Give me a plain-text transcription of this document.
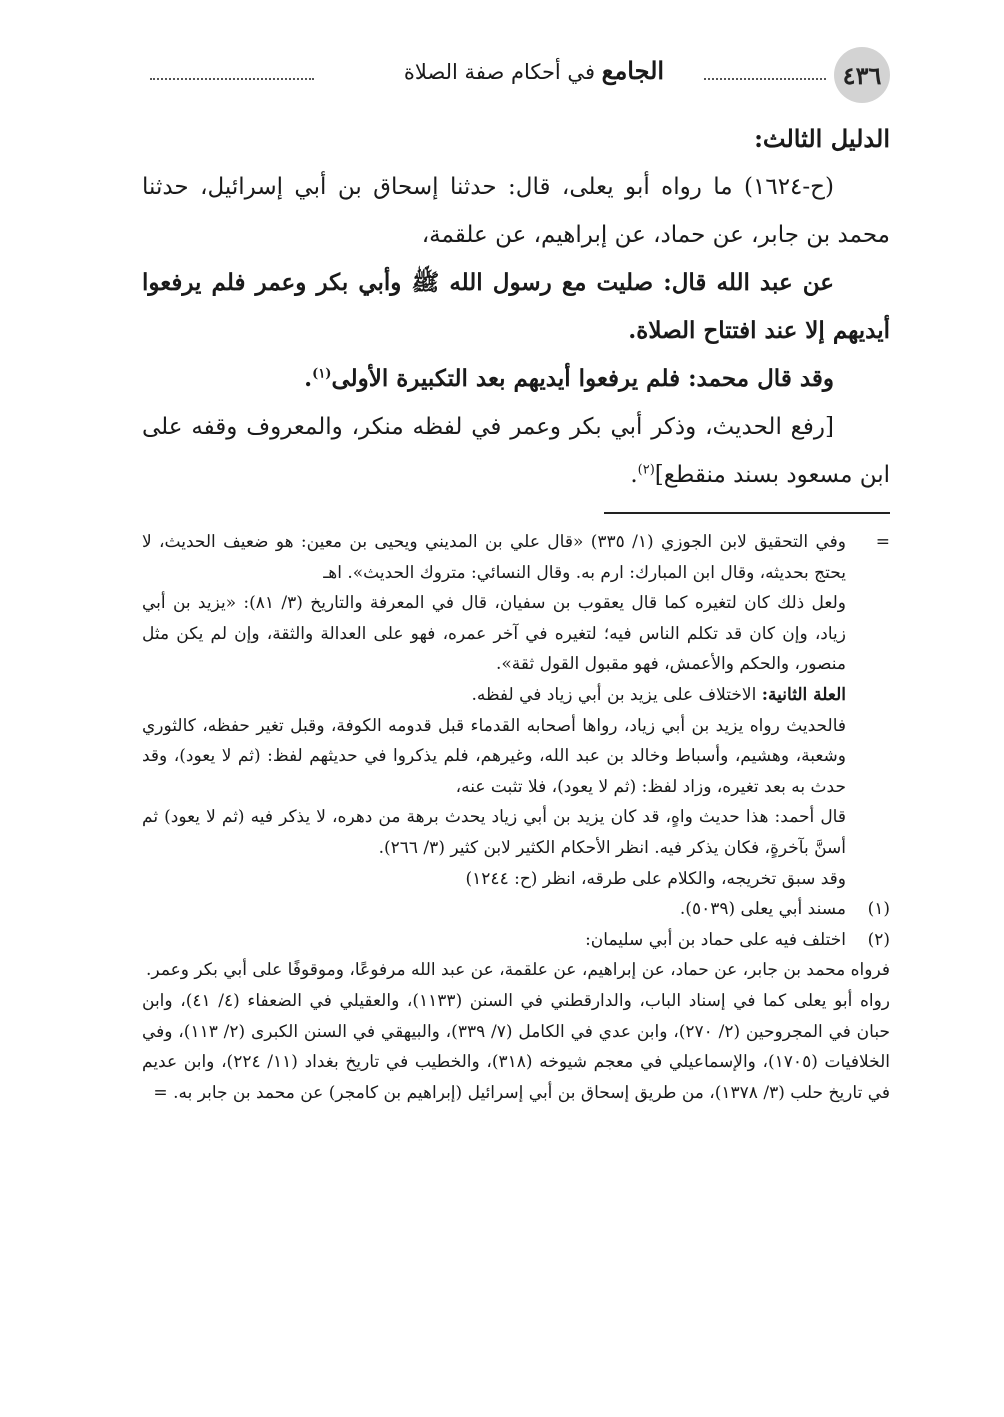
٤٣٦
الجامع في أحكام صفة الصلاة

الدليل الثالث:

(ح-١٦٢٤) ما رواه أبو يعلى، قال: حدثنا إسحاق بن أبي إسرائيل، حدثنا محمد بن جابر، عن حماد، عن إبراهيم، عن علقمة،

عن عبد الله قال: صليت مع رسول الله ﷺ وأبي بكر وعمر فلم يرفعوا أيديهم إلا عند افتتاح الصلاة.

وقد قال محمد: فلم يرفعوا أيديهم بعد التكبيرة الأولى$^{(١)}$.

[رفع الحديث، وذكر أبي بكر وعمر في لفظه منكر، والمعروف وقفه على ابن مسعود بسند منقطع]$^{(٢)}$.

=
وفي التحقيق لابن الجوزي (١/ ٣٣٥) «قال علي بن المديني ويحيى بن معين: هو ضعيف الحديث، لا يحتج بحديثه، وقال ابن المبارك: ارم به. وقال النسائي: متروك الحديث». اهـ

ولعل ذلك كان لتغيره كما قال يعقوب بن سفيان، قال في المعرفة والتاريخ (٣/ ٨١): «يزيد بن أبي زياد، وإن كان قد تكلم الناس فيه؛ لتغيره في آخر عمره، فهو على العدالة والثقة، وإن لم يكن مثل منصور، والحكم والأعمش، فهو مقبول القول ثقة».

العلة الثانية: الاختلاف على يزيد بن أبي زياد في لفظه.

فالحديث رواه يزيد بن أبي زياد، رواها أصحابه القدماء قبل قدومه الكوفة، وقبل تغير حفظه، كالثوري وشعبة، وهشيم، وأسباط وخالد بن عبد الله، وغيرهم، فلم يذكروا في حديثهم لفظ: (ثم لا يعود)، وقد حدث به بعد تغيره، وزاد لفظ: (ثم لا يعود)، فلا تثبت عنه،

قال أحمد: هذا حديث واهٍ، قد كان يزيد بن أبي زياد يحدث برهة من دهره، لا يذكر فيه (ثم لا يعود) ثم أسنَّ بآخرةٍ، فكان يذكر فيه. انظر الأحكام الكثير لابن كثير (٣/ ٢٦٦).

وقد سبق تخريجه، والكلام على طرقه، انظر (ح: ١٢٤٤)

(١)
مسند أبي يعلى (٥٠٣٩).
(٢)
اختلف فيه على حماد بن أبي سليمان:

فرواه محمد بن جابر، عن حماد، عن إبراهيم، عن علقمة، عن عبد الله مرفوعًا، وموقوفًا على أبي بكر وعمر.

رواه أبو يعلى كما في إسناد الباب، والدارقطني في السنن (١١٣٣)، والعقيلي في الضعفاء (٤/ ٤١)، وابن حبان في المجروحين (٢/ ٢٧٠)، وابن عدي في الكامل (٧/ ٣٣٩)، والبيهقي في السنن الكبرى (٢/ ١١٣)، وفي الخلافيات (١٧٠٥)، والإسماعيلي في معجم شيوخه (٣١٨)، والخطيب في تاريخ بغداد (١١/ ٢٢٤)، وابن عديم في تاريخ حلب (٣/ ١٣٧٨)، من طريق إسحاق بن أبي إسرائيل (إبراهيم بن كامجر) عن محمد بن جابر به. =
